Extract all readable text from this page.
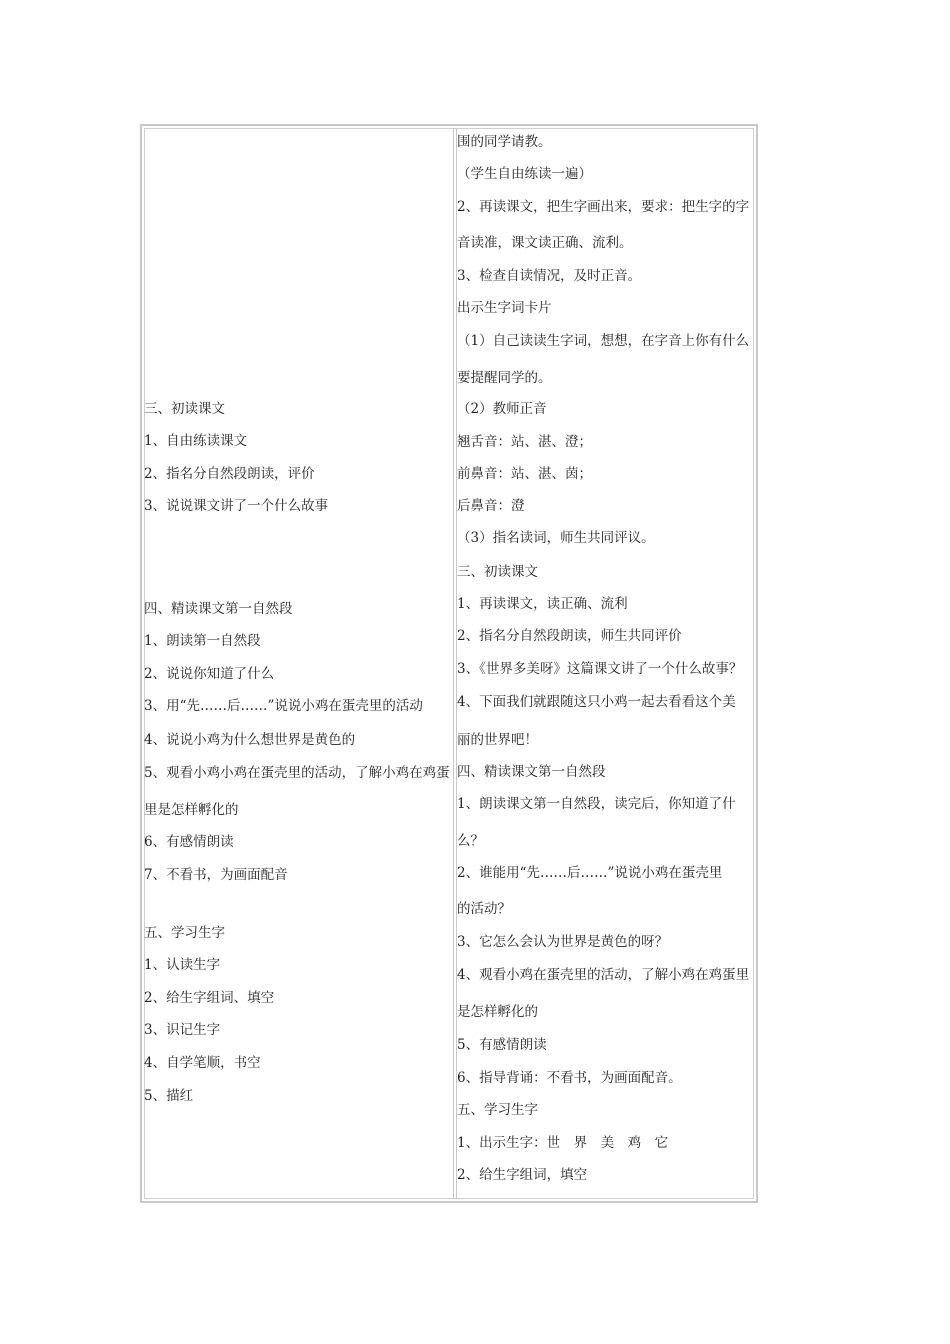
三、初读课文
1、自由练读课文
2、指名分自然段朗读，评价
3、说说课文讲了一个什么故事
四、精读课文第一自然段
1、朗读第一自然段
2、说说你知道了什么
3、用“先……后……”说说小鸡在蛋壳里的活动
4、说说小鸡为什么想世界是黄色的
5、观看小鸡小鸡在蛋壳里的活动，了解小鸡在鸡蛋
里是怎样孵化的
6、有感情朗读
7、不看书，为画面配音
五、学习生字
1、认读生字
2、给生字组词、填空
3、识记生字
4、自学笔顺，书空
5、描红
围的同学请教。
（学生自由练读一遍）
2、再读课文，把生字画出来，要求：把生字的字
音读准，课文读正确、流利。
3、检查自读情况，及时正音。
出示生字词卡片
（1）自己读读生字词，想想，在字音上你有什么
要提醒同学的。
（2）教师正音
翘舌音：站、湛、澄；
前鼻音：站、湛、茵；
后鼻音：澄
（3）指名读词，师生共同评议。
三、初读课文
1、再读课文，读正确、流利
2、指名分自然段朗读，师生共同评价
3、《世界多美呀》这篇课文讲了一个什么故事？
4、下面我们就跟随这只小鸡一起去看看这个美
丽的世界吧！
四、精读课文第一自然段
1、朗读课文第一自然段，读完后，你知道了什
么？
2、谁能用“先……后……”说说小鸡在蛋壳里
的活动？
3、它怎么会认为世界是黄色的呀？
4、观看小鸡在蛋壳里的活动，了解小鸡在鸡蛋里
是怎样孵化的
5、有感情朗读
6、指导背诵：不看书，为画面配音。
五、学习生字
1、出示生字：世　界　美　鸡　它
2、给生字组词，填空
